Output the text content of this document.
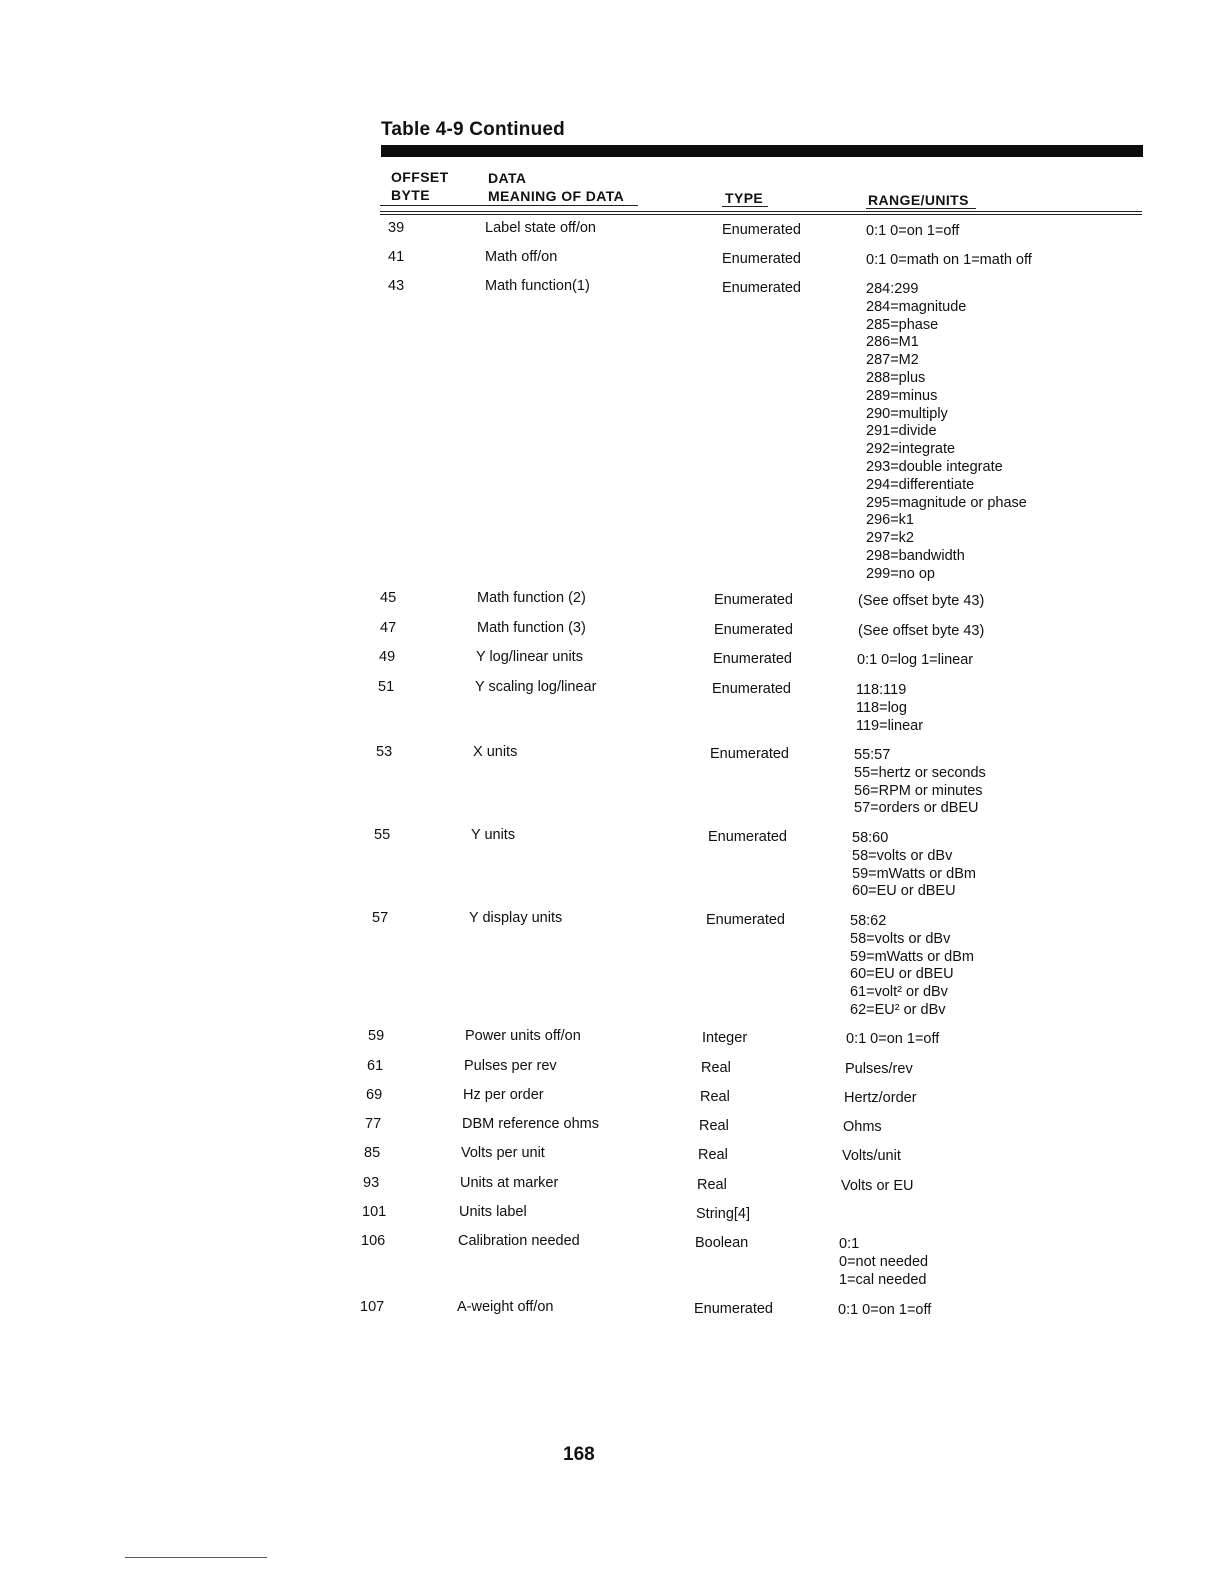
Table 4-9 Continued
OFFSET
BYTE
DATA
MEANING OF DATA	TYPE	RANGE/UNITS
39	Label state off/on	Enumerated	0:1 0=on 1=off
41	Math off/on	Enumerated	0:1 0=math on 1=math off
43	Math function(1)	Enumerated	284:299
284=magnitude
285=phase
286=M1
287=M2
288=plus
289=minus
290=multiply
291=divide
292=integrate
293=double integrate
294=differentiate
295=magnitude or phase
296=k1
297=k2
298=bandwidth
299=no op
45	Math function (2)	Enumerated	(See offset byte 43)
47	Math function (3)	Enumerated	(See offset byte 43)
49	Y log/linear units	Enumerated	0:1 0=log 1=linear
51	Y scaling log/linear	Enumerated	118:119
118=log
119=linear
53	X units	Enumerated	55:57
55=hertz or seconds
56=RPM or minutes
57=orders or dBEU
55	Y units	Enumerated	58:60
58=volts or dBv
59=mWatts or dBm
60=EU or dBEU
57	Y display units	Enumerated	58:62
58=volts or dBv
59=mWatts or dBm
60=EU or dBEU
61=volt² or dBv
62=EU² or dBv
59	Power units off/on	Integer	0:1 0=on 1=off
61	Pulses per rev	Real	Pulses/rev
69	Hz per order	Real	Hertz/order
77	DBM reference ohms	Real	Ohms
85	Volts per unit	Real	Volts/unit
93	Units at marker	Real	Volts or EU
101	Units label	String[4]
106	Calibration needed	Boolean	0:1
0=not needed
1=cal needed
107	A-weight off/on	Enumerated	0:1 0=on 1=off
168
